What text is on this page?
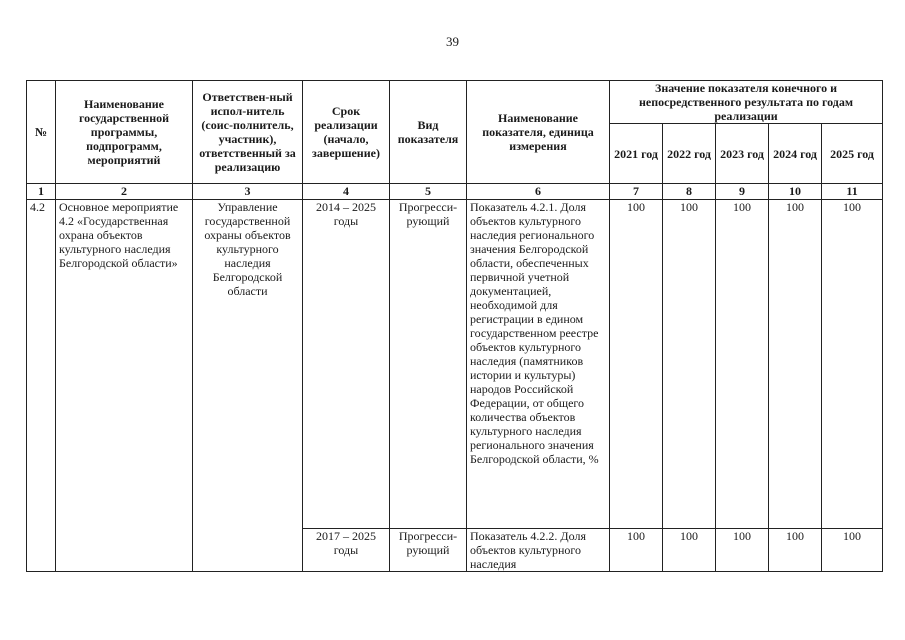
39
№	Наименование государственной программы, подпрограмм, мероприятий	Ответствен-ный испол-нитель (соис-полнитель, участник), ответственный за реализацию	Срок реализации (начало, завершение)	Вид показателя	Наименование показателя, единица измерения	Значение показателя конечного и непосредственного результата по годам реализации				
						2021 год	2022 год	2023 год	2024 год	2025 год
1	2	3	4	5	6	7	8	9	10	11
4.2	Основное мероприятие 4.2 «Государственная охрана объектов культурного наследия Белгородской области»	Управление государственной охраны объектов культурного наследия Белгородской области	2014 – 2025 годы	Прогресси-рующий	Показатель 4.2.1. Доля объектов культурного наследия регионального значения Белгородской области, обеспеченных первичной учетной документацией, необходимой для регистрации в едином государственном реестре объектов культурного наследия (памятников истории и культуры) народов Российской Федерации, от общего количества объектов культурного наследия регионального значения Белгородской области, %	100	100	100	100	100
			2017 – 2025 годы	Прогресси-рующий	Показатель 4.2.2. Доля объектов культурного наследия	100	100	100	100	100
